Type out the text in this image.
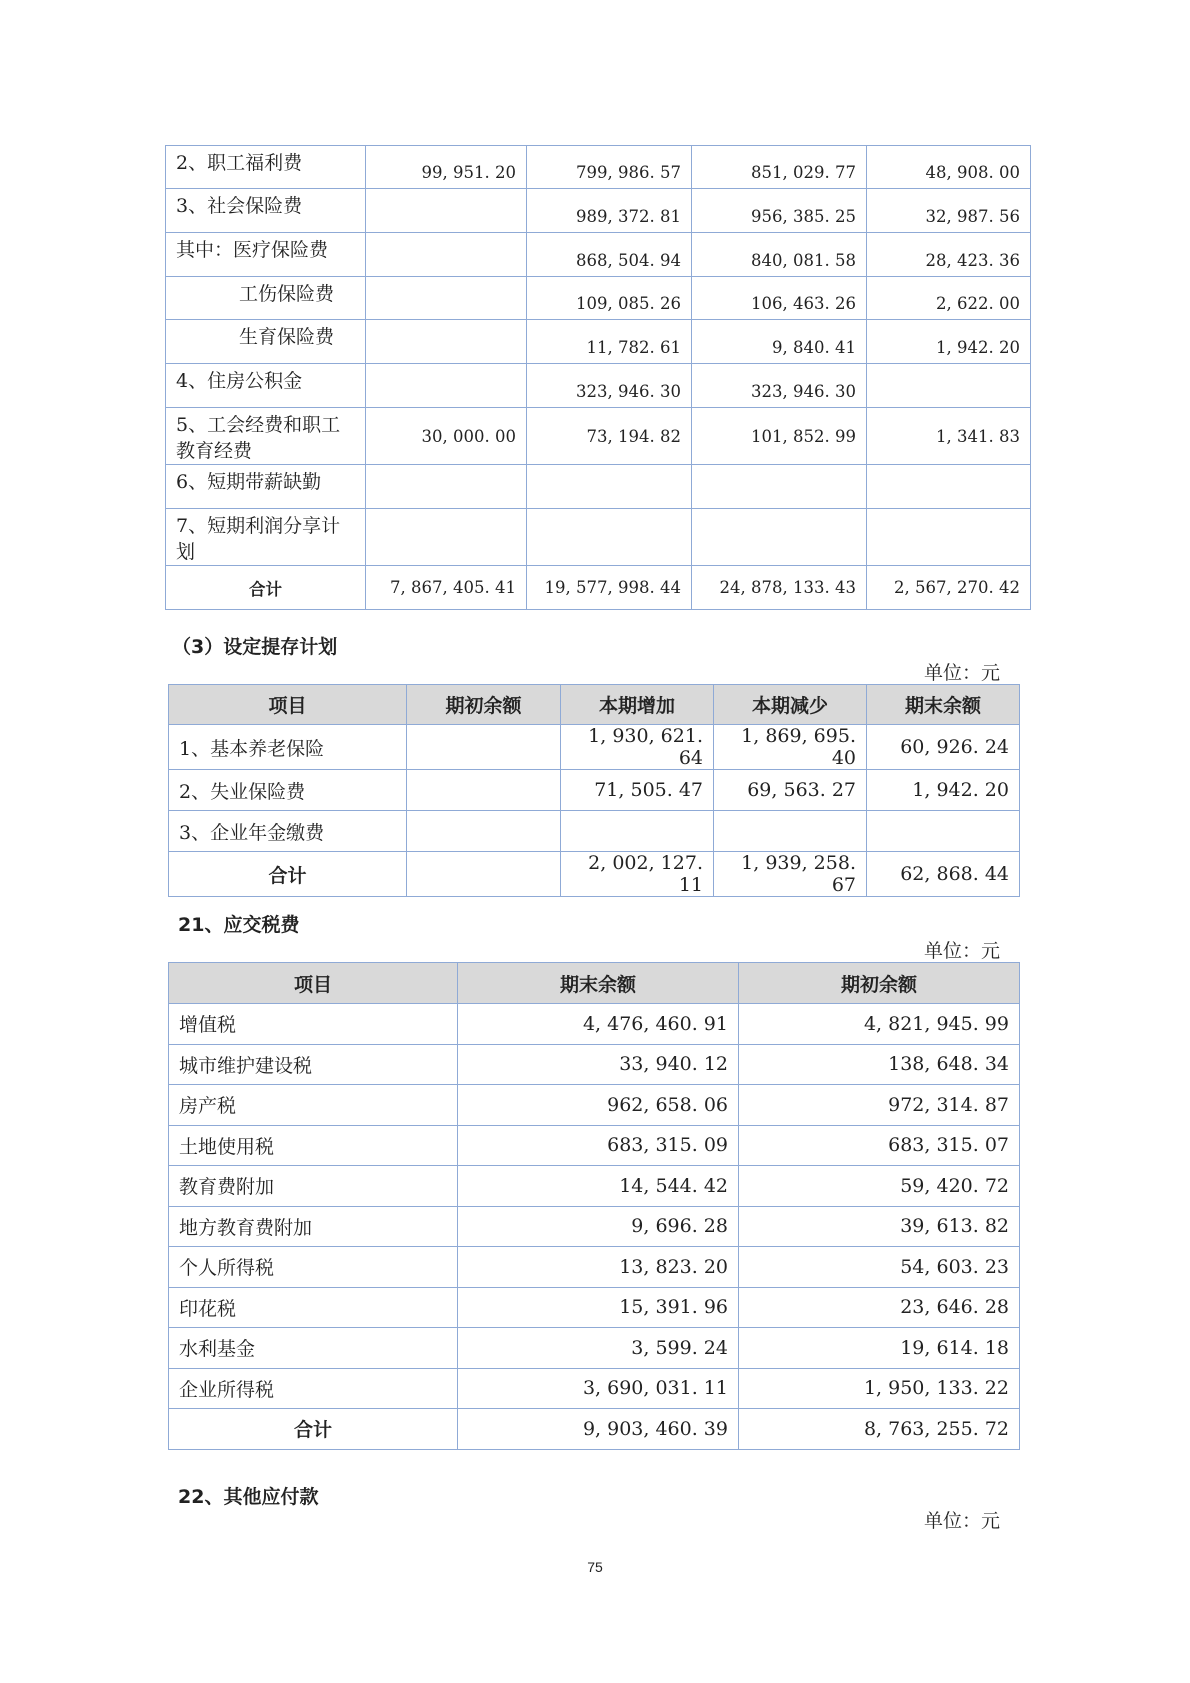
2、职工福利费	99, 951. 20	799, 986. 57	851, 029. 77	48, 908. 00
3、社会保险费		989, 372. 81	956, 385. 25	32, 987. 56
其中：医疗保险费		868, 504. 94	840, 081. 58	28, 423. 36
工伤保险费		109, 085. 26	106, 463. 26	2, 622. 00
生育保险费		11, 782. 61	9, 840. 41	1, 942. 20
4、住房公积金		323, 946. 30	323, 946. 30	
5、工会经费和职工教育经费	30, 000. 00	73, 194. 82	101, 852. 99	1, 341. 83
6、短期带薪缺勤				
7、短期利润分享计划				
合计	7, 867, 405. 41	19, 577, 998. 44	24, 878, 133. 43	2, 567, 270. 42
（3）设定提存计划
单位：元
项目	期初余额	本期增加	本期减少	期末余额
1、基本养老保险		1, 930, 621. 64	1, 869, 695. 40	60, 926. 24
2、失业保险费		71, 505. 47	69, 563. 27	1, 942. 20
3、企业年金缴费				
合计		2, 002, 127. 11	1, 939, 258. 67	62, 868. 44
21、应交税费
单位：元
项目	期末余额	期初余额
增值税	4, 476, 460. 91	4, 821, 945. 99
城市维护建设税	33, 940. 12	138, 648. 34
房产税	962, 658. 06	972, 314. 87
土地使用税	683, 315. 09	683, 315. 07
教育费附加	14, 544. 42	59, 420. 72
地方教育费附加	9, 696. 28	39, 613. 82
个人所得税	13, 823. 20	54, 603. 23
印花税	15, 391. 96	23, 646. 28
水利基金	3, 599. 24	19, 614. 18
企业所得税	3, 690, 031. 11	1, 950, 133. 22
合计	9, 903, 460. 39	8, 763, 255. 72
22、其他应付款
单位：元
75
